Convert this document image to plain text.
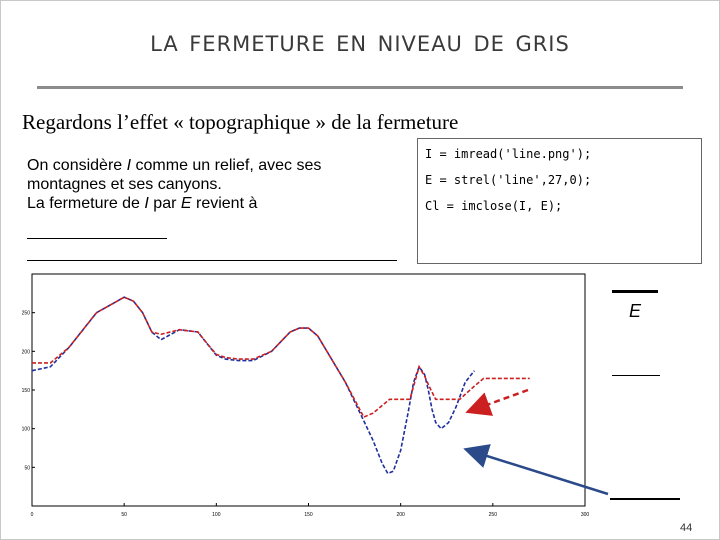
la fermeture en niveau de gris
Regardons l’effet « topographique » de la fermeture
On considère I comme un relief, avec ses
montagnes et ses canyons.
La fermeture de I par E revient à
I = imread('line.png');
E = strel('line',27,0);
Cl = imclose(I, E);
0	50	100	150	200	250	300
50
100
150
200
250	E
44
